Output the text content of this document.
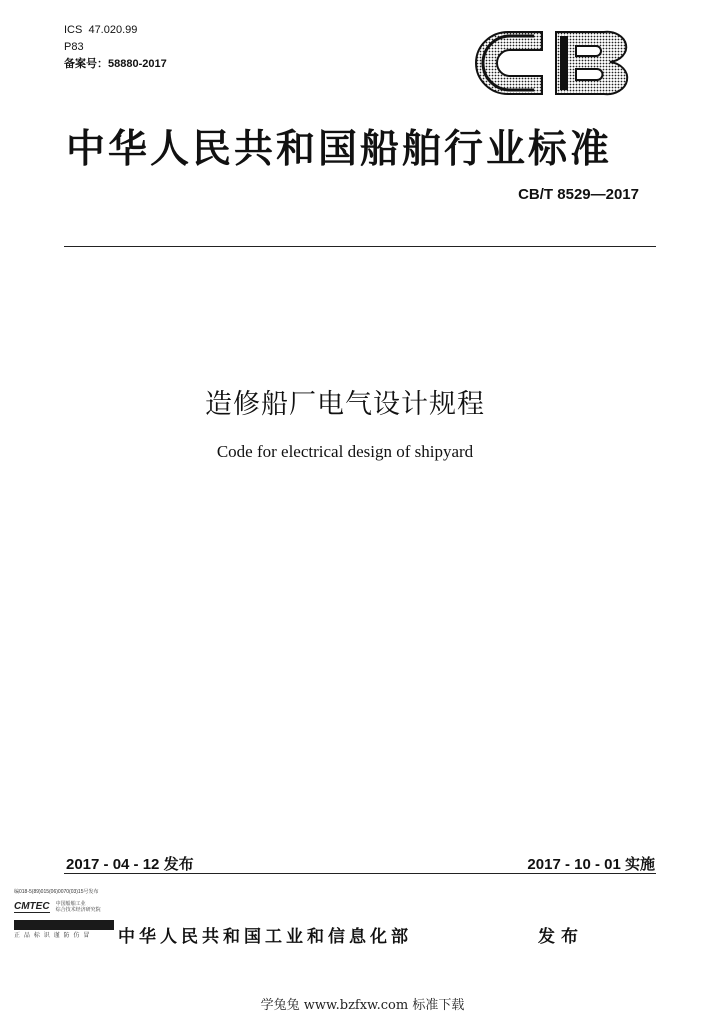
ICS  47.020.99
P83
备案号：58880-2017
中华人民共和国船舶行业标准
CB/T 8529—2017
造修船厂电气设计规程
Code for electrical design of shipyard
2017 - 04 - 12 发布	2017 - 10 - 01 实施
编018-5(89)015(06)0070(03)15号发布
CMTEC 中国船舶工业
综合技术经济研究院
正 品 标 识 谨 防 仿 冒	中华人民共和国工业和信息化部	发布
学兔兔 www.bzfxw.com 标准下载
